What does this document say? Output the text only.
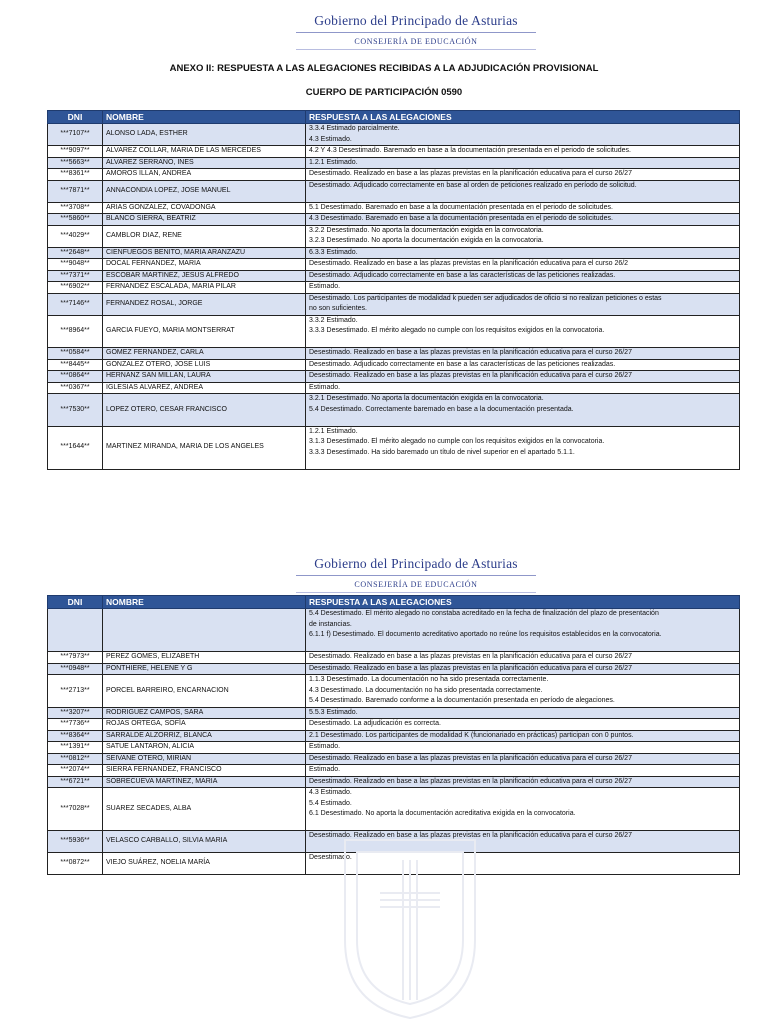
Gobierno del Principado de Asturias
CONSEJERÍA DE EDUCACIÓN
ANEXO II: RESPUESTA A LAS ALEGACIONES RECIBIDAS A LA ADJUDICACIÓN PROVISIONAL
CUERPO DE PARTICIPACIÓN 0590
DNI	NOMBRE	RESPUESTA A LAS ALEGACIONES
***7107**	ALONSO LADA, ESTHER	3.3.4 Estimado parcialmente.
4.3 Estimado.

***9097**	ALVAREZ COLLAR, MARIA DE LAS MERCEDES	4.2 Y 4.3 Desestimado. Baremado en base a la documentación presentada en el periodo de solicitudes.

***5663**	ALVAREZ SERRANO, INES	1.2.1 Estimado.

***8361**	AMOROS ILLAN, ANDREA	Desestimado. Realizado en base a las plazas previstas en la planificación educativa para el curso 26/27

***7871**	ANNACONDIA LOPEZ, JOSE MANUEL	Desestimado. Adjudicado correctamente en base al orden de peticiones realizado en período de solicitud.

***3708**	ARIAS GONZALEZ, COVADONGA	5.1 Desestimado. Baremado en base a la documentación presentada en el periodo de solicitudes.

***5860**	BLANCO SIERRA, BEATRIZ	4.3 Desestimado. Baremado en base a la documentación presentada en el periodo de solicitudes.

***4029**	CAMBLOR DIAZ, RENE	3.2.2 Desestimado. No aporta la documentación exigida en la convocatoria.
3.2.3 Desestimado. No aporta la documentación exigida en la convocatoria.

***2648**	CIENFUEGOS BENITO, MARIA ARANZAZU	6.3.3 Estimado.

***9048**	DOCAL FERNANDEZ, MARIA	Desestimado. Realizado en base a las plazas previstas en la planificación educativa para el curso 26/2

***7371**	ESCOBAR MARTINEZ, JESUS ALFREDO	Desestimado. Adjudicado correctamente en base a las características de las peticiones realizadas.

***6902**	FERNANDEZ ESCALADA, MARIA PILAR	Estimado.

***7146**	FERNANDEZ ROSAL, JORGE	Desestimado. Los participantes de modalidad k pueden ser adjudicados de oficio si no realizan peticiones o estas
no son suficientes.

***8964**	GARCIA FUEYO, MARIA MONTSERRAT	3.3.2 Estimado.
3.3.3 Desestimado. El mérito alegado no cumple con los requisitos exigidos en la convocatoria.

***0584**	GOMEZ FERNANDEZ, CARLA	Desestimado. Realizado en base a las plazas previstas en la planificación educativa para el curso 26/27

***8445**	GONZALEZ OTERO, JOSE LUIS	Desestimado. Adjudicado correctamente en base a las características de las peticiones realizadas.

***0864**	HERNANZ SAN MILLAN, LAURA	Desestimado. Realizado en base a las plazas previstas en la planificación educativa para el curso 26/27

***0367**	IGLESIAS ALVAREZ, ANDREA	Estimado.

***7530**	LOPEZ OTERO, CESAR FRANCISCO	3.2.1 Desestimado. No aporta la documentación exigida en la convocatoria.
5.4 Desestimado. Correctamente baremado en base a la documentación presentada.

***1644**	MARTINEZ MIRANDA, MARIA DE LOS ANGELES	1.2.1 Estimado.
3.1.3 Desestimado. El mérito alegado no cumple con los requisitos exigidos en la convocatoria.
3.3.3 Desestimado. Ha sido baremado un título de nivel superior en el apartado 5.1.1.
Gobierno del Principado de Asturias
CONSEJERÍA DE EDUCACIÓN
DNI	NOMBRE	RESPUESTA A LAS ALEGACIONES

		5.4 Desestimado. El mérito alegado no constaba acreditado en la fecha de finalización del plazo de presentación
de instancias.
6.1.1 f) Desestimado. El documento acreditativo aportado no reúne los requisitos establecidos en la convocatoria.

***7973**	PEREZ GOMES, ELIZABETH	Desestimado. Realizado en base a las plazas previstas en la planificación educativa para el curso 26/27

***0948**	PONTHIERE, HELENE Y G	Desestimado. Realizado en base a las plazas previstas en la planificación educativa para el curso 26/27

***2713**	PORCEL BARREIRO, ENCARNACION	1.1.3 Desestimado. La documentación no ha sido presentada correctamente.
4.3 Desestimado. La documentación no ha sido presentada correctamente.
5.4 Desestimado. Baremado conforme a la documentación presentada en período de alegaciones.

***3207**	RODRIGUEZ CAMPOS, SARA	5.5.3 Estimado.

***7736**	ROJAS ORTEGA, SOFÍA	Desestimado. La adjudicación es correcta.

***8364**	SARRALDE ALZORRIZ, BLANCA	2.1 Desestimado. Los participantes de modalidad K (funcionariado en prácticas) participan con 0 puntos.

***1391**	SATUE LANTARON, ALICIA	Estimado.

***0812**	SEIVANE OTERO, MIRIAN	Desestimado. Realizado en base a las plazas previstas en la planificación educativa para el curso 26/27

***2074**	SIERRA FERNANDEZ, FRANCISCO	Estimado.

***6721**	SOBRECUEVA MARTINEZ, MARIA	Desestimado. Realizado en base a las plazas previstas en la planificación educativa para el curso 26/27

***7028**	SUAREZ SECADES, ALBA	4.3 Estimado.
5.4 Estimado.
6.1 Desestimado. No aporta la documentación acreditativa exigida en la convocatoria.

***5936**	VELASCO CARBALLO, SILVIA MARIA	Desestimado. Realizado en base a las plazas previstas en la planificación educativa para el curso 26/27

***0872**	VIEJO SUÁREZ, NOELIA MARÍA	Desestimado.
